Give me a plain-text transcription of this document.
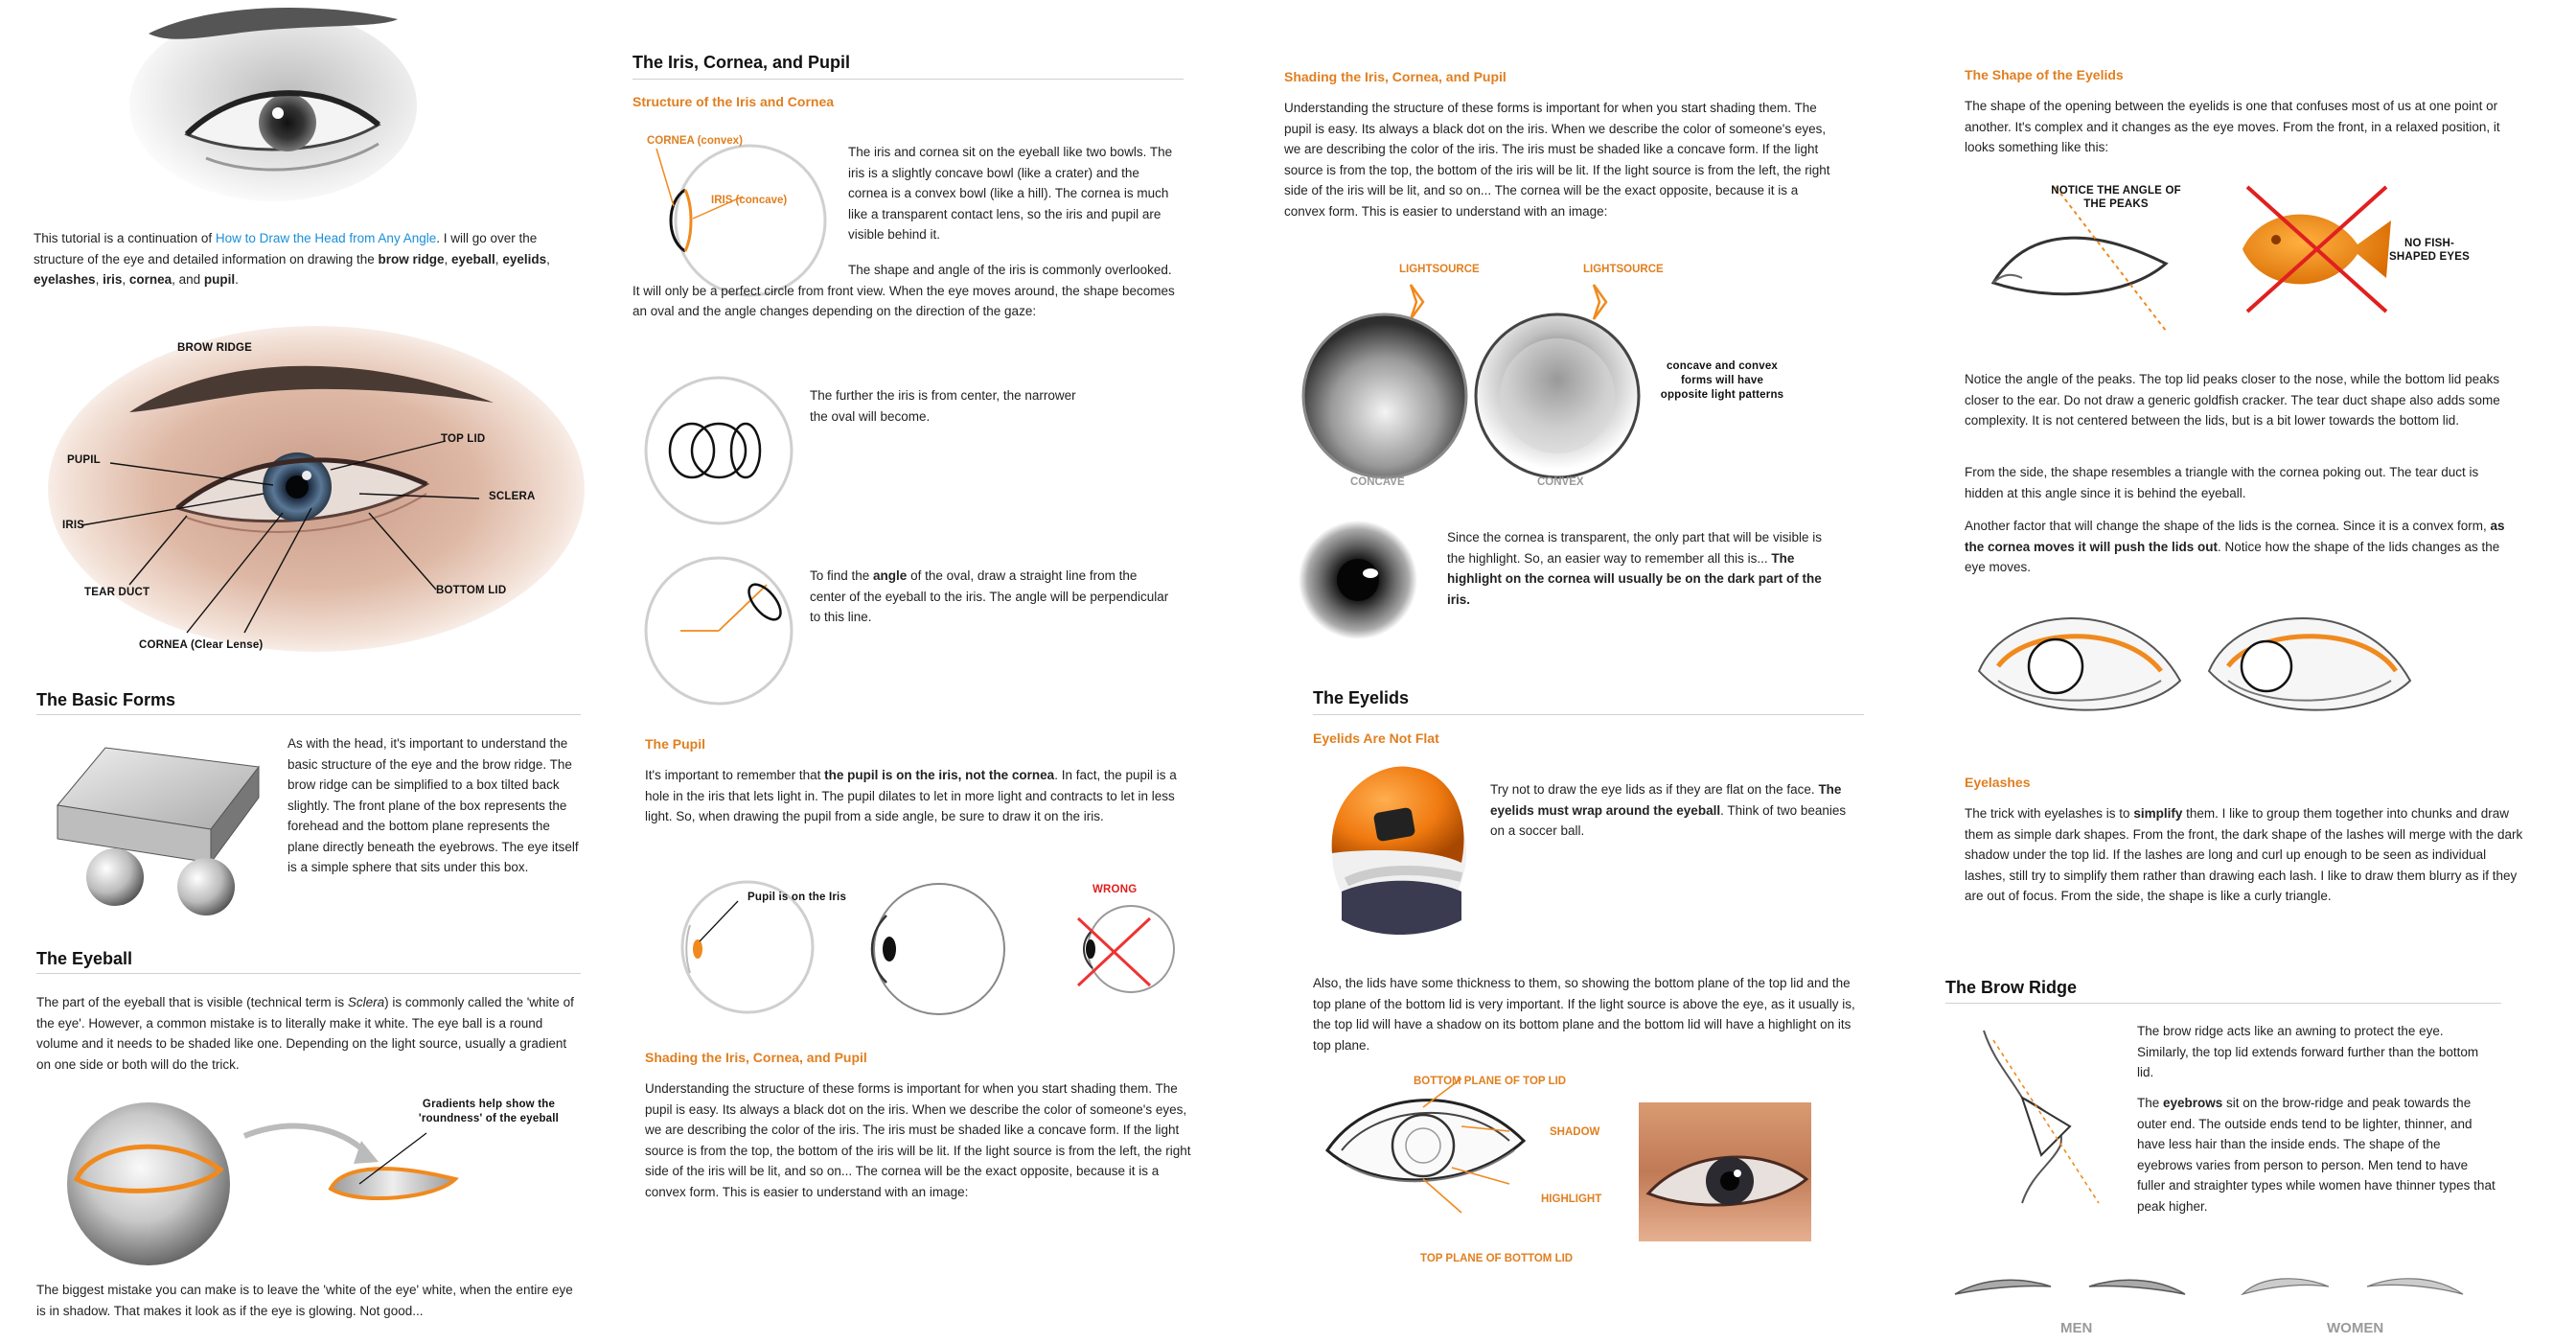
This tutorial is a continuation of How to Draw the Head from Any Angle. I will go over the structure of the eye and detailed information on drawing the brow ridge, eyeball, eyelids, eyelashes, iris, cornea, and pupil.

BROW RIDGE
PUPIL
TOP LID
SCLERA
IRIS
TEAR DUCT	BOTTOM LID
CORNEA (Clear Lense)
The Basic Forms

As with the head, it's important to understand the basic structure of the eye and the brow ridge. The brow ridge can be simplified to a box tilted back slightly. The front plane of the box represents the forehead and the bottom plane represents the plane directly beneath the eyebrows. The eye itself is a simple sphere that sits under this box.

The Eyeball

The part of the eyeball that is visible (technical term is Sclera) is commonly called the 'white of the eye'. However, a common mistake is to literally make it white. The eye ball is a round volume and it needs to be shaded like one. Depending on the light source, usually a gradient on one side or both will do the trick.

Gradients help show the 'roundness' of the eyeball

The biggest mistake you can make is to leave the 'white of the eye' white, when the entire eye is in shadow. That makes it look as if the eye is glowing. Not good...

The Iris, Cornea, and Pupil
Structure of the Iris and Cornea
CORNEA (convex)
IRIS (concave)

The iris and cornea sit on the eyeball like two bowls. The iris is a slightly concave bowl (like a crater) and the cornea is a convex bowl (like a hill). The cornea is much like a transparent contact lens, so the iris and pupil are visible behind it.

The shape and angle of the iris is commonly overlooked. It will only be a perfect circle from front view. When the eye moves around, the shape becomes an oval and the angle changes depending on the direction of the gaze:

The further the iris is from center, the narrower the oval will become.

To find the angle of the oval, draw a straight line from the center of the eyeball to the iris. The angle will be perpendicular to this line.

The Pupil

It's important to remember that the pupil is on the iris, not the cornea. In fact, the pupil is a hole in the iris that lets light in. The pupil dilates to let in more light and contracts to let in less light. So, when drawing the pupil from a side angle, be sure to draw it on the iris.

Pupil is on the Iris
WRONG
Shading the Iris, Cornea, and Pupil

Understanding the structure of these forms is important for when you start shading them. The pupil is easy. Its always a black dot on the iris. When we describe the color of someone's eyes, we are describing the color of the iris. The iris must be shaded like a concave form. If the light source is from the top, the bottom of the iris will be lit. If the light source is from the left, the right side of the iris will be lit, and so on... The cornea will be the exact opposite, because it is a convex form. This is easier to understand with an image:

Shading the Iris, Cornea, and Pupil

Understanding the structure of these forms is important for when you start shading them. The pupil is easy. Its always a black dot on the iris. When we describe the color of someone's eyes, we are describing the color of the iris. The iris must be shaded like a concave form. If the light source is from the top, the bottom of the iris will be lit. If the light source is from the left, the right side of the iris will be lit, and so on... The cornea will be the exact opposite, because it is a convex form. This is easier to understand with an image:

LIGHTSOURCE	LIGHTSOURCE
CONCAVE	CONVEX

concave and convex forms will have opposite light patterns

Since the cornea is transparent, the only part that will be visible is the highlight. So, an easier way to remember all this is... The highlight on the cornea will usually be on the dark part of the iris.

The Eyelids
Eyelids Are Not Flat

Try not to draw the eye lids as if they are flat on the face. The eyelids must wrap around the eyeball. Think of two beanies on a soccer ball.

Also, the lids have some thickness to them, so showing the bottom plane of the top lid and the top plane of the bottom lid is very important. If the light source is above the eye, as it usually is, the top lid will have a shadow on its bottom plane and the bottom lid will have a highlight on its top plane.

BOTTOM PLANE OF TOP LID
SHADOW
HIGHLIGHT
TOP PLANE OF BOTTOM LID
The Shape of the Eyelids

The shape of the opening between the eyelids is one that confuses most of us at one point or another. It's complex and it changes as the eye moves. From the front, in a relaxed position, it looks something like this:

NOTICE THE ANGLE OF THE PEAKS

NO FISH-SHAPED EYES

Notice the angle of the peaks. The top lid peaks closer to the nose, while the bottom lid peaks closer to the ear. Do not draw a generic goldfish cracker. The tear duct shape also adds some complexity. It is not centered between the lids, but is a bit lower towards the bottom lid.

From the side, the shape resembles a triangle with the cornea poking out. The tear duct is hidden at this angle since it is behind the eyeball.

Another factor that will change the shape of the lids is the cornea. Since it is a convex form, as the cornea moves it will push the lids out. Notice how the shape of the lids changes as the eye moves.

Eyelashes

The trick with eyelashes is to simplify them. I like to group them together into chunks and draw them as simple dark shapes. From the front, the dark shape of the lashes will merge with the dark shadow under the top lid. If the lashes are long and curl up enough to be seen as individual lashes, still try to simplify them rather than drawing each lash. I like to draw them blurry as if they are out of focus. From the side, the shape is like a curly triangle.

The Brow Ridge

The brow ridge acts like an awning to protect the eye. Similarly, the top lid extends forward further than the bottom lid.

The eyebrows sit on the brow-ridge and peak towards the outer end. The outside ends tend to be lighter, thinner, and have less hair than the inside ends. The shape of the eyebrows varies from person to person. Men tend to have fuller and straighter types while women have thinner types that peak higher.

MEN	WOMEN
